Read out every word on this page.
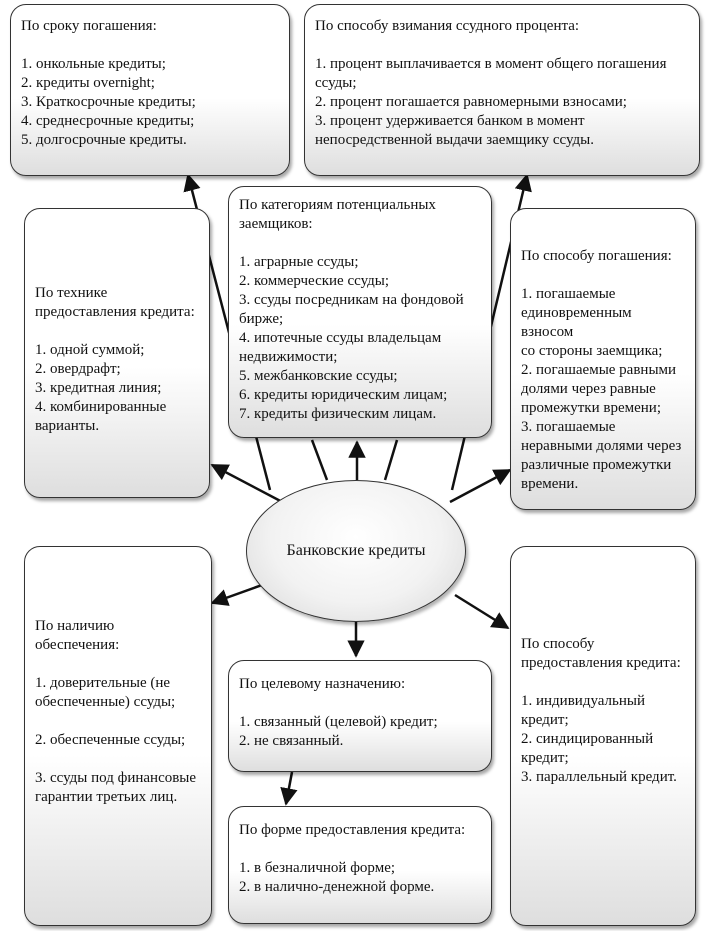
По сроку погашения:
1. онкольные кредиты;
2. кредиты overnight;
3. Краткосрочные кредиты;
4. среднесрочные кредиты;
5. долгосрочные кредиты.
По способу взимания ссудного процента:
1. процент выплачивается в момент общего погашения
ссуды;
2. процент погашается равномерными взносами;
3. процент удерживается банком в момент
непосредственной выдачи заемщику ссуды.
По технике
предоставления кредита:
1. одной суммой;
2. овердрафт;
3. кредитная линия;
4. комбинированные
варианты.
По категориям потенциальных
заемщиков:
1. аграрные ссуды;
2. коммерческие ссуды;
3. ссуды посредникам на фондовой
бирже;
4. ипотечные ссуды владельцам
недвижимости;
5. межбанковские ссуды;
6. кредиты юридическим лицам;
7. кредиты физическим лицам.
По способу погашения:
1. погашаемые
единовременным взносом
со стороны заемщика;
2. погашаемые равными
долями через равные
промежутки времени;
3. погашаемые
неравными долями через
различные промежутки
времени.
Банковские кредиты
По наличию
обеспечения:
1. доверительные (не
обеспеченные) ссуды;
2. обеспеченные ссуды;
3. ссуды под финансовые
гарантии третьих лиц.
По целевому назначению:
1. связанный (целевой) кредит;
2. не связанный.
По форме предоставления кредита:
1. в безналичной форме;
2. в налично-денежной форме.
По способу
предоставления кредита:
1. индивидуальный
кредит;
2. синдицированный
кредит;
3. параллельный кредит.
